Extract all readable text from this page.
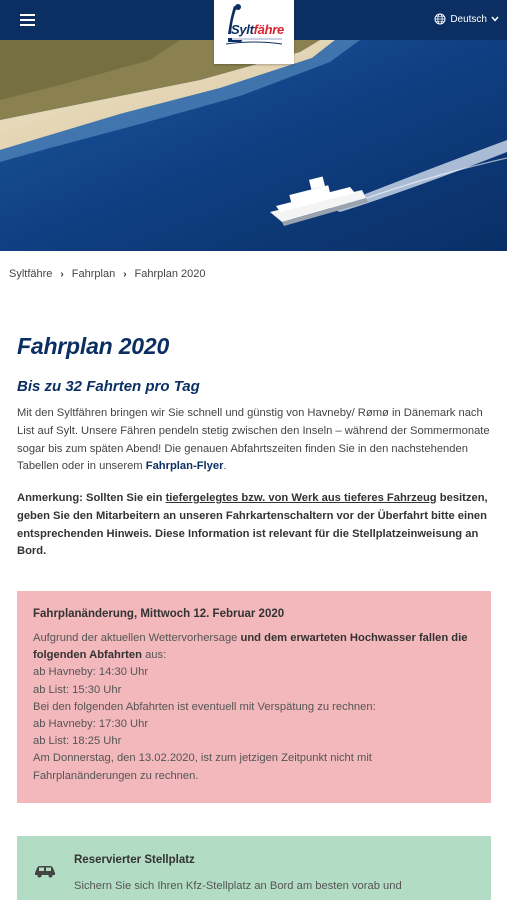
Deutsch
Syltfähre
Syltfähre › Fahrplan › Fahrplan 2020
Fahrplan 2020
Bis zu 32 Fahrten pro Tag

Mit den Syltfähren bringen wir Sie schnell und günstig von Havneby/ Rømø in Dänemark nach List auf Sylt. Unsere Fähren pendeln stetig zwischen den Inseln – während der Sommermonate sogar bis zum späten Abend! Die genauen Abfahrtszeiten finden Sie in den nachstehenden Tabellen oder in unserem Fahrplan-Flyer.

Anmerkung: Sollten Sie ein tiefergelegtes bzw. von Werk aus tieferes Fahrzeug besitzen, geben Sie den Mitarbeitern an unseren Fahrkartenschaltern vor der Überfahrt bitte einen entsprechenden Hinweis. Diese Information ist relevant für die Stellplatzeinweisung an Bord.

Fahrplanänderung, Mittwoch 12. Februar 2020
Aufgrund der aktuellen Wettervorhersage und dem erwarteten Hochwasser fallen die folgenden Abfahrten aus:
ab Havneby: 14:30 Uhr
ab List: 15:30 Uhr
Bei den folgenden Abfahrten ist eventuell mit Verspätung zu rechnen:
ab Havneby: 17:30 Uhr
ab List: 18:25 Uhr
Am Donnerstag, den 13.02.2020, ist zum jetzigen Zeitpunkt nicht mit Fahrplanänderungen zu rechnen.
Reservierter Stellplatz
Sichern Sie sich Ihren Kfz-Stellplatz an Bord am besten vorab und
